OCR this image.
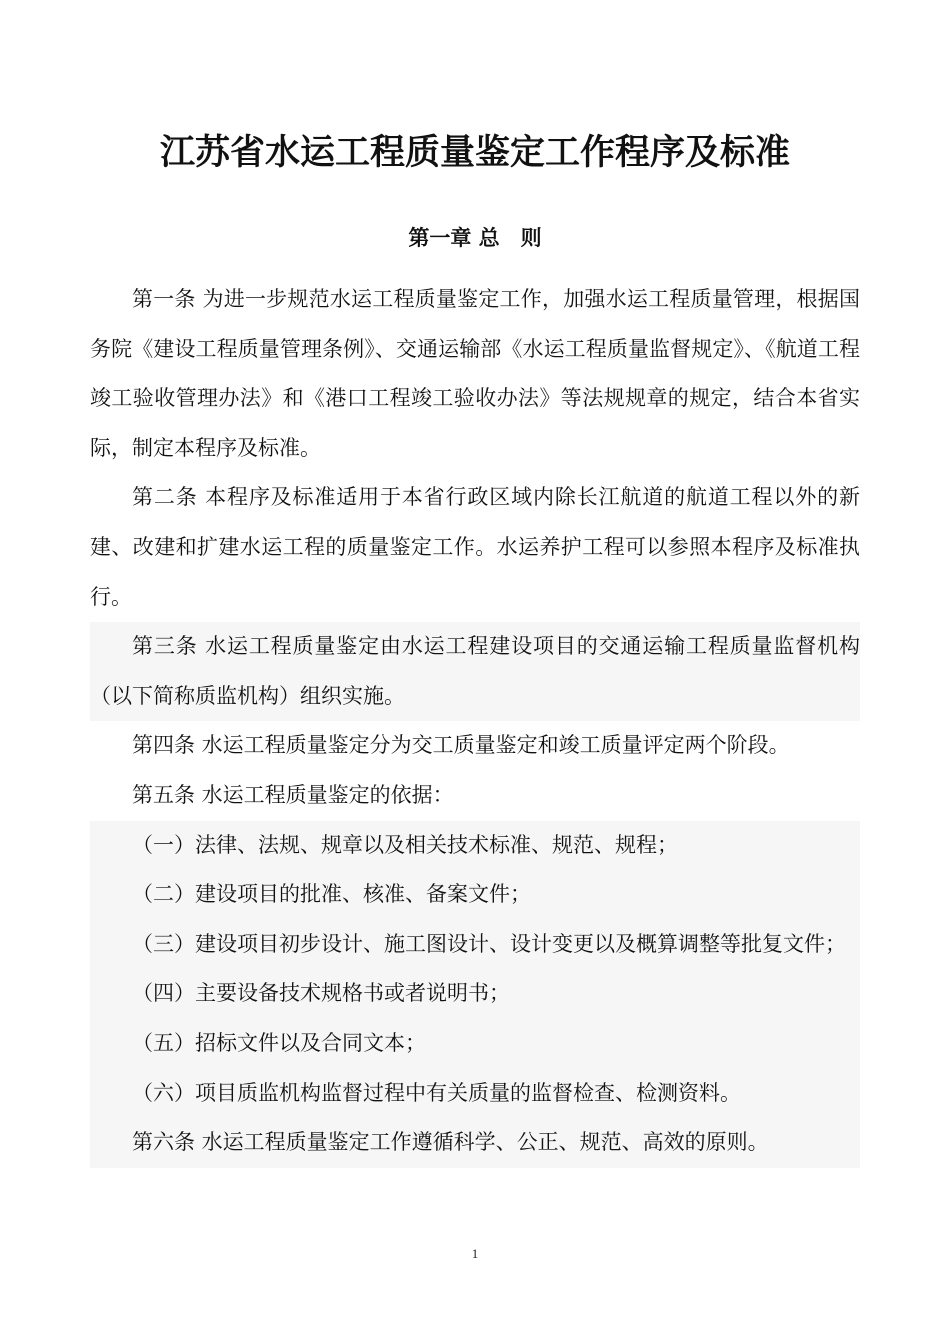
江苏省水运工程质量鉴定工作程序及标准
第一章 总　则

第一条 为进一步规范水运工程质量鉴定工作，加强水运工程质量管理，根据国务院《建设工程质量管理条例》、交通运输部《水运工程质量监督规定》、《航道工程竣工验收管理办法》和《港口工程竣工验收办法》等法规规章的规定，结合本省实际，制定本程序及标准。

第二条 本程序及标准适用于本省行政区域内除长江航道的航道工程以外的新建、改建和扩建水运工程的质量鉴定工作。水运养护工程可以参照本程序及标准执行。

第三条 水运工程质量鉴定由水运工程建设项目的交通运输工程质量监督机构（以下简称质监机构）组织实施。

第四条 水运工程质量鉴定分为交工质量鉴定和竣工质量评定两个阶段。

第五条 水运工程质量鉴定的依据：

（一）法律、法规、规章以及相关技术标准、规范、规程；

（二）建设项目的批准、核准、备案文件；

（三）建设项目初步设计、施工图设计、设计变更以及概算调整等批复文件；

（四）主要设备技术规格书或者说明书；

（五）招标文件以及合同文本；

（六）项目质监机构监督过程中有关质量的监督检查、检测资料。

第六条 水运工程质量鉴定工作遵循科学、公正、规范、高效的原则。

1
